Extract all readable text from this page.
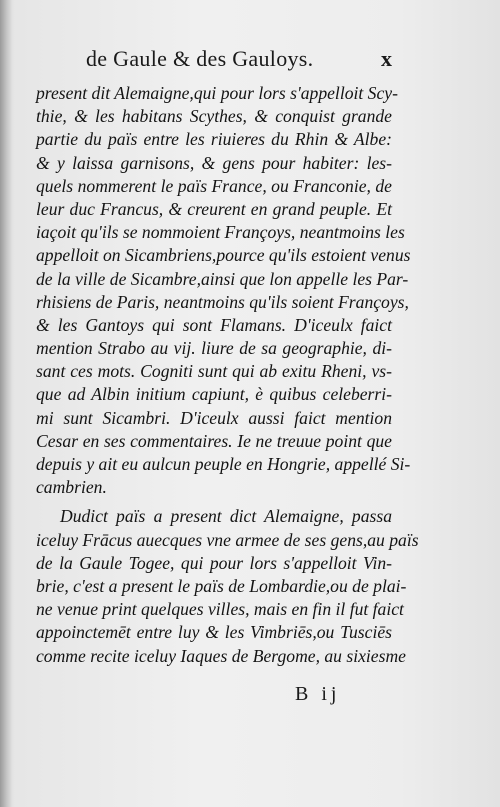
de Gaule & des Gauloys.	x
present dit Alemaigne,qui pour lors s'appelloit Scy-
thie, & les habitans Scythes, & conquist grande
partie du païs entre les riuieres du Rhin & Albe:
& y laissa garnisons, & gens pour habiter: les-
quels nommerent le païs France, ou Franconie, de
leur duc Francus, & creurent en grand peuple. Et
iaçoit qu'ils se nommoient Françoys, neantmoins les
appelloit on Sicambriens,pource qu'ils estoient venus
de la ville de Sicambre,ainsi que lon appelle les Par-
rhisiens de Paris, neantmoins qu'ils soient Françoys,
& les Gantoys qui sont Flamans. D'iceulx faict
mention Strabo au vij. liure de sa geographie, di-
sant ces mots. Cogniti sunt qui ab exitu Rheni, vs-
que ad Albin initium capiunt, è quibus celeberri-
mi sunt Sicambri. D'iceulx aussi faict mention
Cesar en ses commentaires. Ie ne treuue point que
depuis y ait eu aulcun peuple en Hongrie, appellé Si-
cambrien.
Dudict païs a present dict Alemaigne, passa
iceluy Frācus auecques vne armee de ses gens,au païs
de la Gaule Togee, qui pour lors s'appelloit Vin-
brie, c'est a present le païs de Lombardie,ou de plai-
ne venue print quelques villes, mais en fin il fut faict
appoinctemēt entre luy & les Vimbriēs,ou Tusciēs
comme recite iceluy Iaques de Bergome, au sixiesme
B ij
